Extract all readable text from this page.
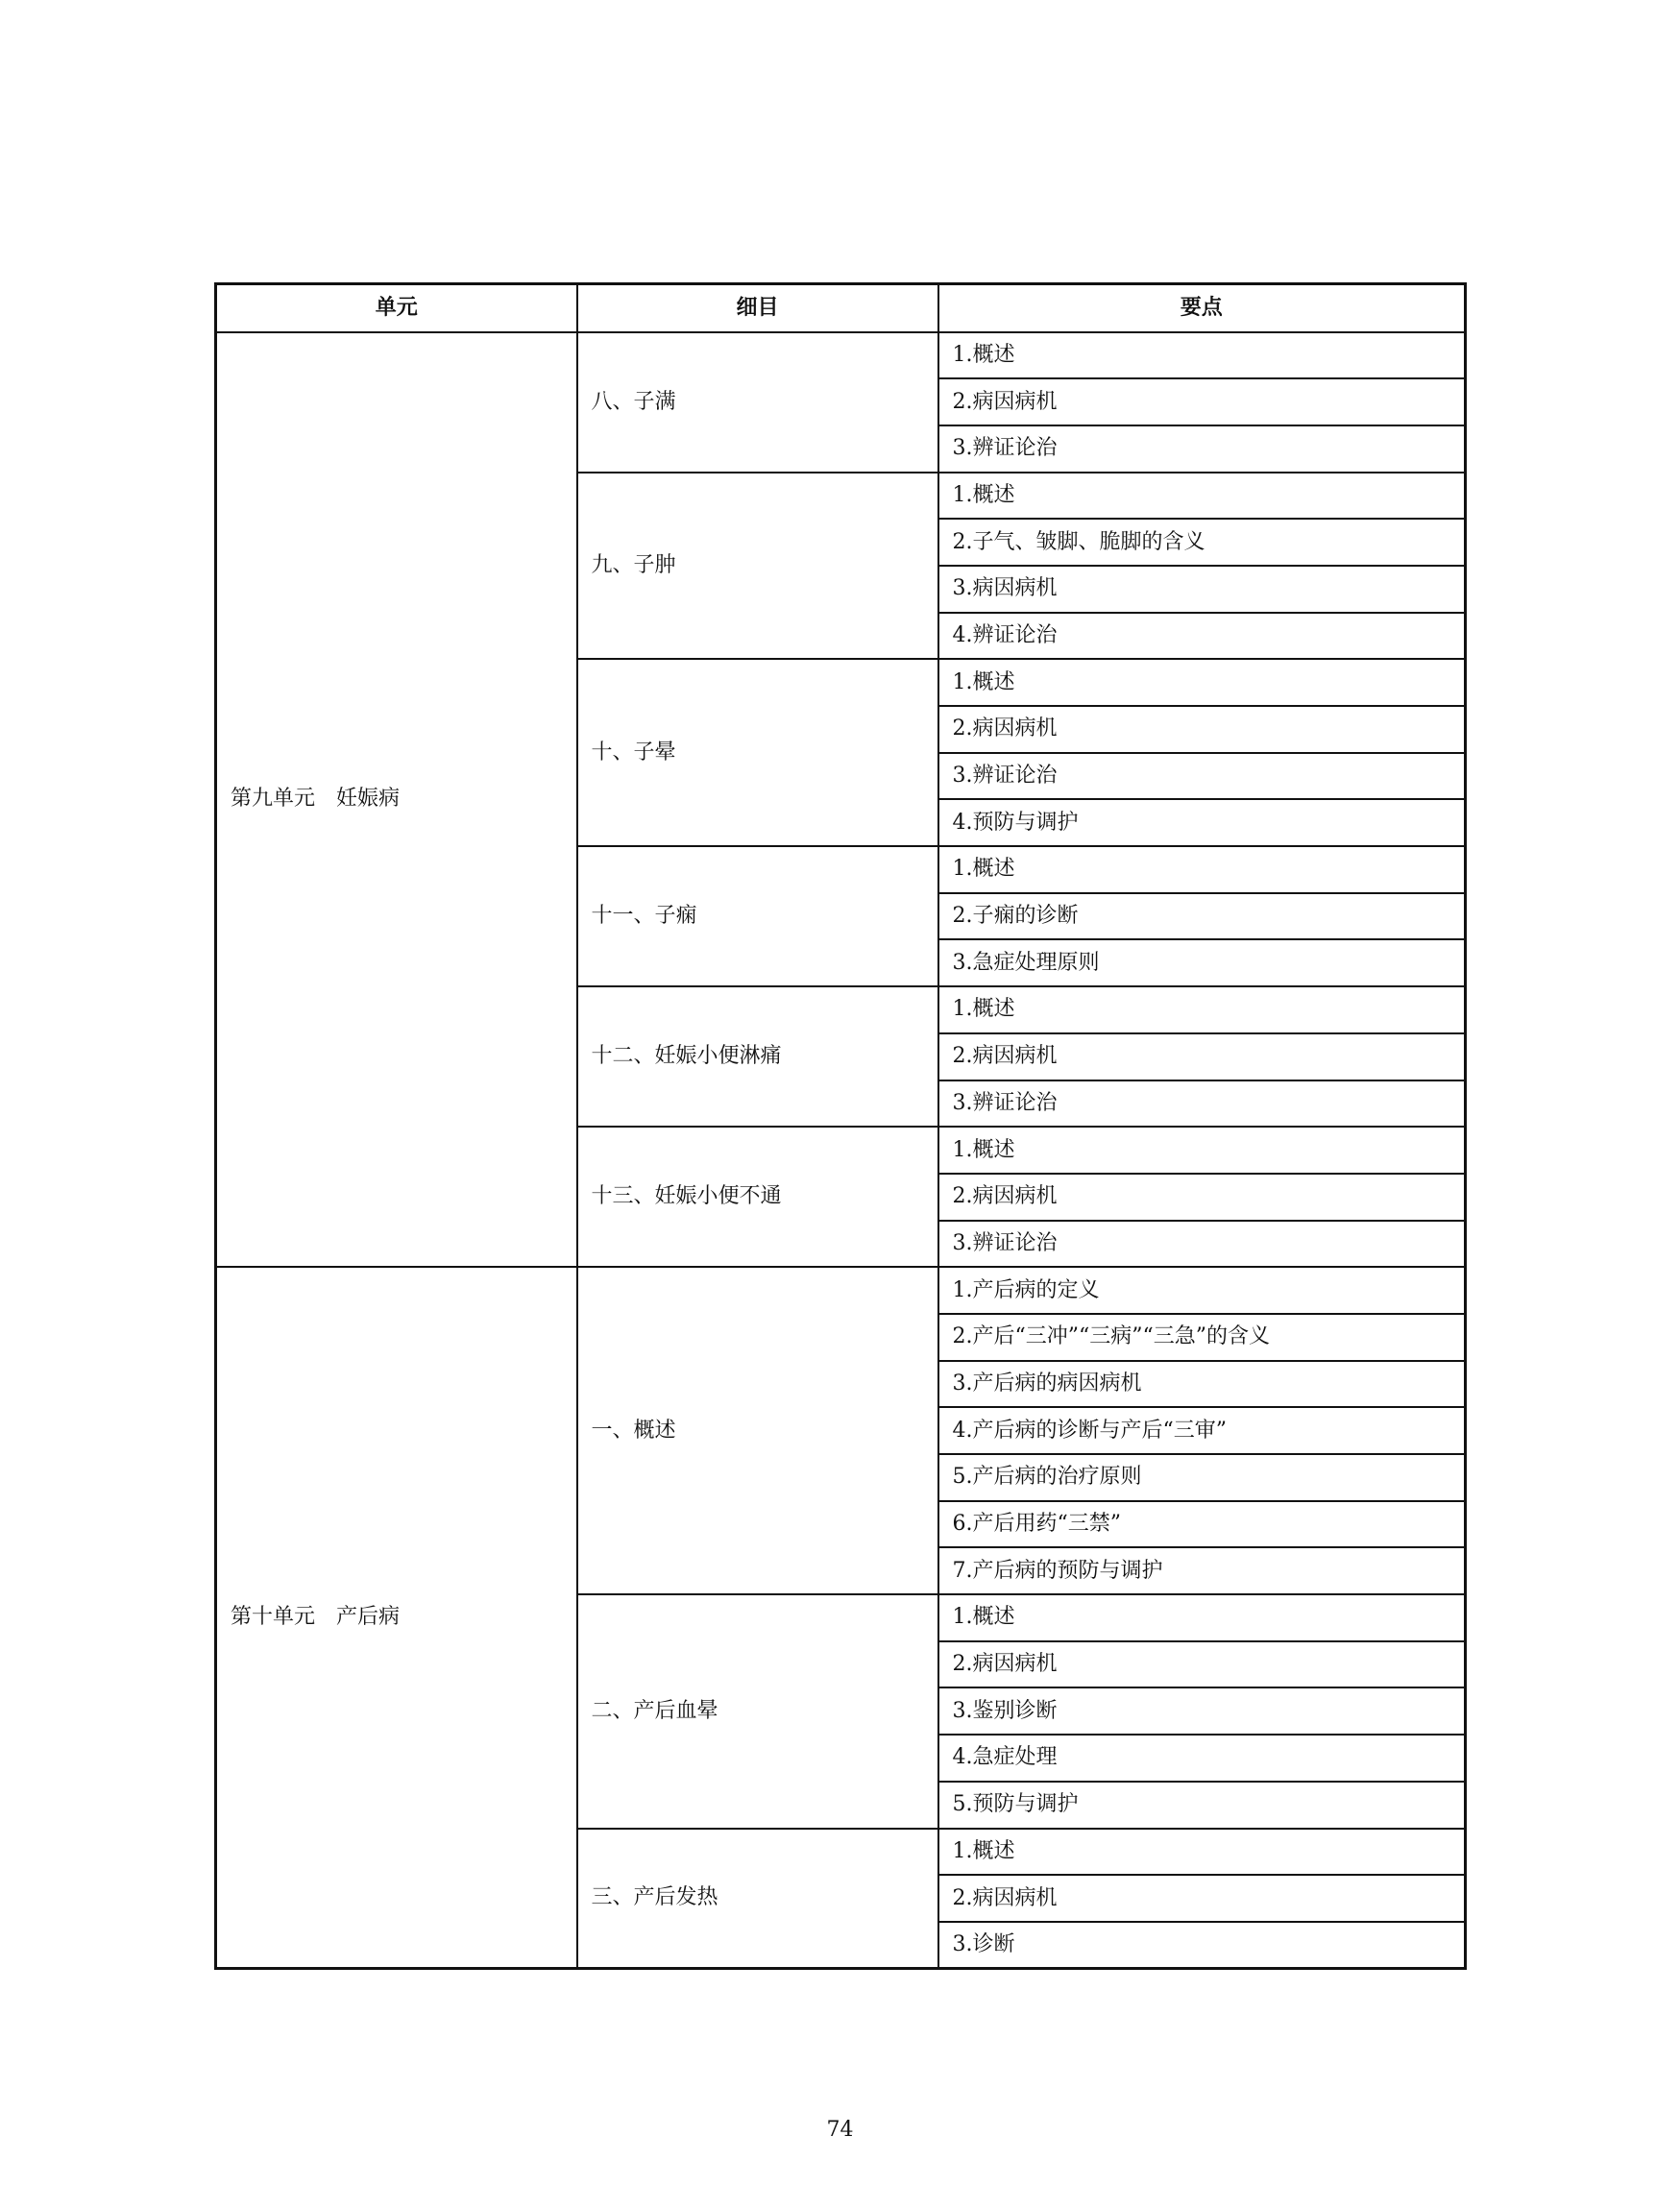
单元	细目	要点
第九单元　妊娠病	八、子满	1.概述
		2.病因病机
		3.辨证论治
	九、子肿	1.概述
		2.子气、皱脚、脆脚的含义
		3.病因病机
		4.辨证论治
	十、子晕	1.概述
		2.病因病机
		3.辨证论治
		4.预防与调护
	十一、子痫	1.概述
		2.子痫的诊断
		3.急症处理原则
	十二、妊娠小便淋痛	1.概述
		2.病因病机
		3.辨证论治
	十三、妊娠小便不通	1.概述
		2.病因病机
		3.辨证论治
第十单元　产后病	一、概述	1.产后病的定义
		2.产后“三冲”“三病”“三急”的含义
		3.产后病的病因病机
		4.产后病的诊断与产后“三审”
		5.产后病的治疗原则
		6.产后用药“三禁”
		7.产后病的预防与调护
	二、产后血晕	1.概述
		2.病因病机
		3.鉴别诊断
		4.急症处理
		5.预防与调护
	三、产后发热	1.概述
		2.病因病机
		3.诊断
74
